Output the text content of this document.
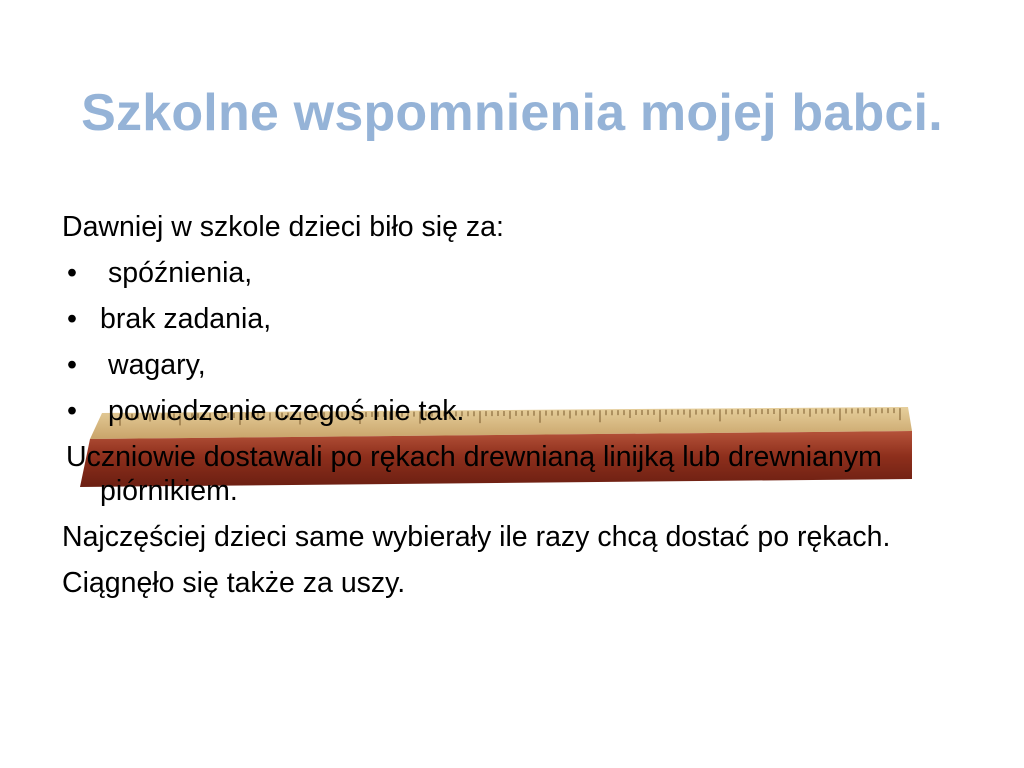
Szkolne wspomnienia mojej babci.
Dawniej w szkole dzieci biło się za:
• spóźnienia,
• brak zadania,
• wagary,
• powiedzenie czegoś nie tak.
Uczniowie dostawali po rękach drewnianą linijką lub drewnianym piórnikiem.
Najczęściej dzieci same wybierały ile razy chcą dostać po rękach.
Ciągnęło się także za uszy.
